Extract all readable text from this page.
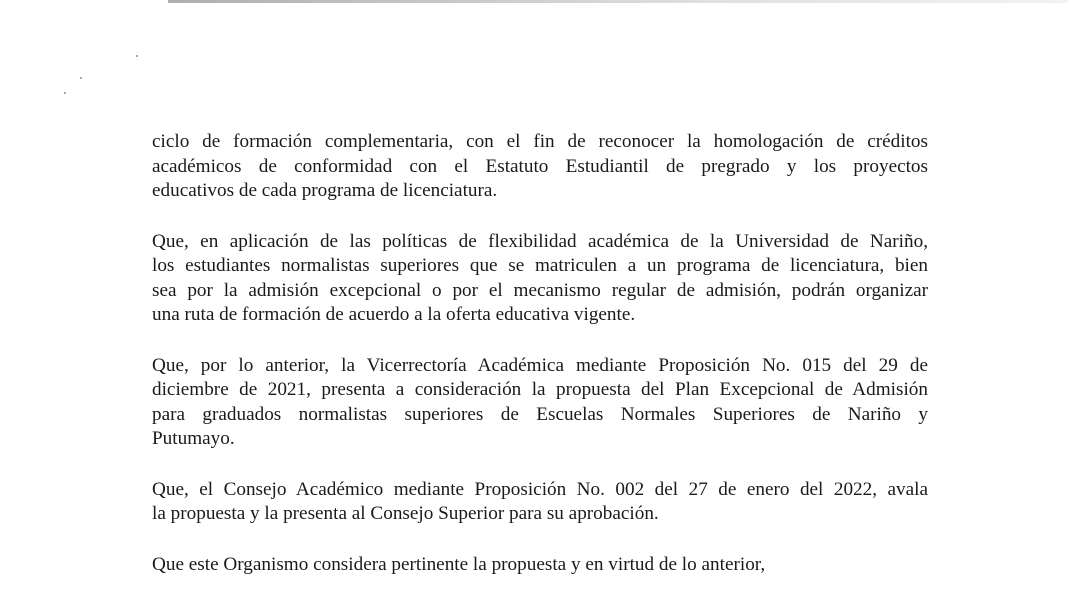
ciclo de formación complementaria, con el fin de reconocer la homologación de créditos
académicos de conformidad con el Estatuto Estudiantil de pregrado y los proyectos
educativos de cada programa de licenciatura.

Que, en aplicación de las políticas de flexibilidad académica de la Universidad de Nariño,
los estudiantes normalistas superiores que se matriculen a un programa de licenciatura, bien
sea por la admisión excepcional o por el mecanismo regular de admisión, podrán organizar
una ruta de formación de acuerdo a la oferta educativa vigente.

Que, por lo anterior, la Vicerrectoría Académica mediante Proposición No. 015 del 29 de
diciembre de 2021, presenta a consideración la propuesta del Plan Excepcional de Admisión
para graduados normalistas superiores de Escuelas Normales Superiores de Nariño y
Putumayo.

Que, el Consejo Académico mediante Proposición No. 002 del 27 de enero del 2022, avala
la propuesta y la presenta al Consejo Superior para su aprobación.

Que este Organismo considera pertinente la propuesta y en virtud de lo anterior,
